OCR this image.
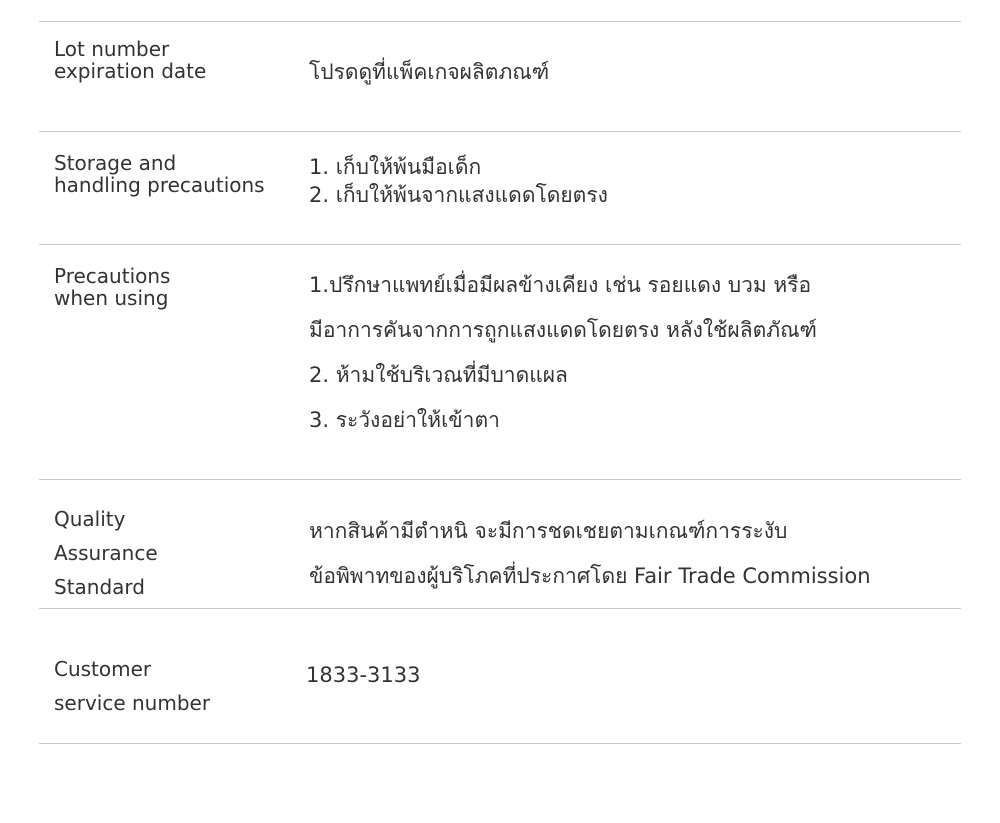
Lot number
expiration date	โปรดดูที่แพ็คเกจผลิตภณฑ์
Storage and
handling precautions
1. เก็บให้พ้นมือเด็ก
2. เก็บให้พ้นจากแสงแดดโดยตรง
Precautions
when using
1.ปรึกษาแพทย์เมื่อมีผลข้างเคียง เช่น รอยแดง บวม หรือ
มีอาการคันจากการถูกแสงแดดโดยตรง หลังใช้ผลิตภัณฑ์
2. ห้ามใช้บริเวณที่มีบาดแผล
3. ระวังอย่าให้เข้าตา
Quality
Assurance
Standard
หากสินค้ามีตำหนิ จะมีการชดเชยตามเกณฑ์การระงับ
ข้อพิพาทของผู้บริโภคที่ประกาศโดย Fair Trade Commission
Customer
service number
1833-3133
